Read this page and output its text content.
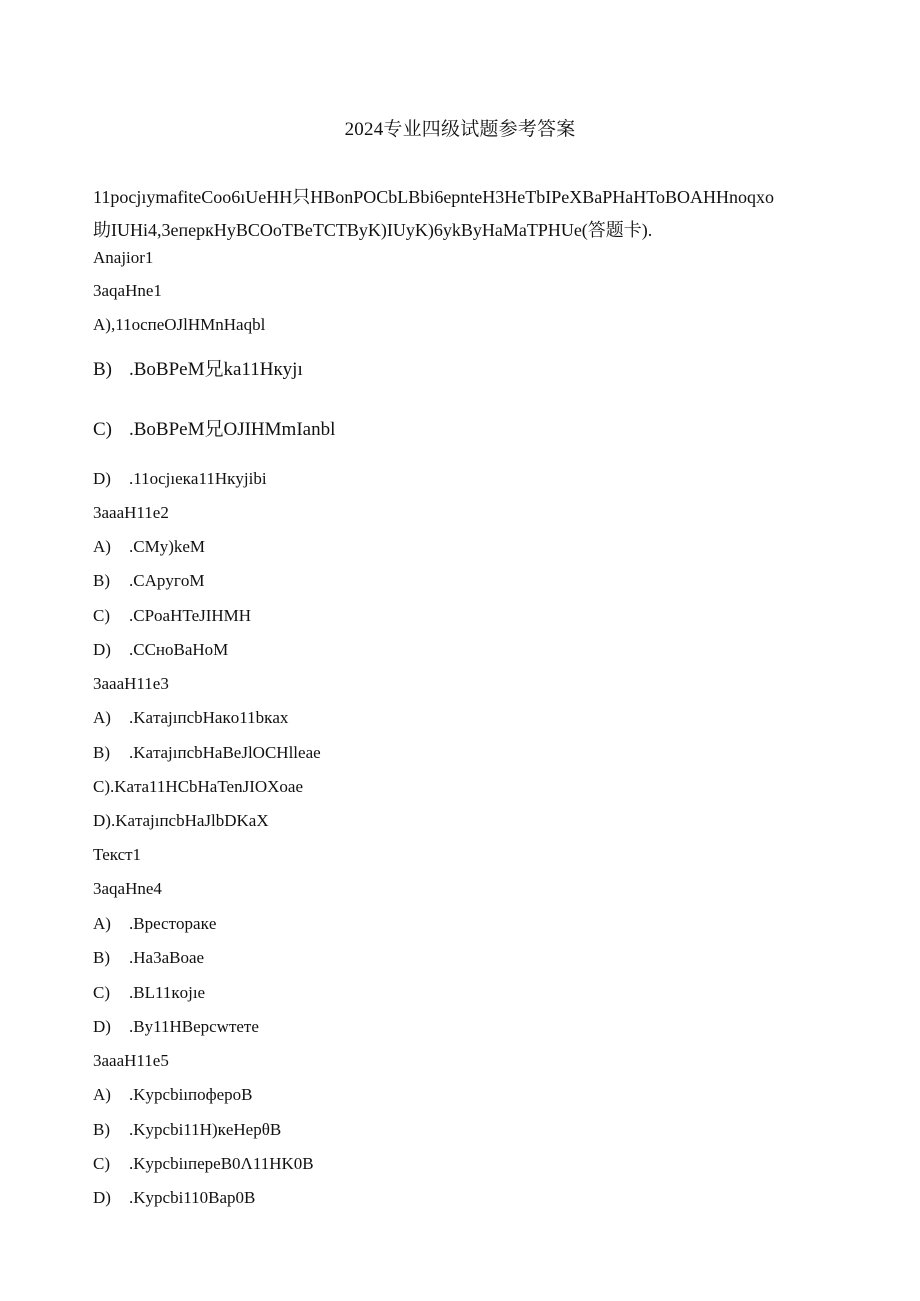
2024专业四级试题参考答案
11pocjıymafiteCoo6ıUeHH只HBonPOCbLBbi6epnteH3HeTbIPeXBaPHaHToBOAHHnoqxo
助IUHi4,3eперкHyBCOoTBeTCTByK)IUyK)6ykByHaMaTPHUe(答题卡).
Anajior1
3aqaHne1
A),11ocпeOJlHMnHaqbl
B) .BoBPeM兄ka11Hкyjı
C) .BoBPeM兄OJIHMmIanbl
D) .11ocjıeкa11Hкyjibi
3aaaH11e2
A) .CMy)keM
B) .CApyгoM
C) .CPoaHTeJIHMH
D) .CCнoBaHoM
3aaaH11e3
A) .KaтajıпcbHaкo11bкax
B) .KaтajıпcbHaBeJlOCHlleae
C).Kaтa11HCbHaTenJIOXoae
D).KaтajıпcbHaJlbDKaX
Teкст1
3aqaHne4
A) .Bpестopaкe
B) .Ha3aBoae
C) .BL11кojıe
D) .By11HBepcwтете
3aaaH11e5
A) .KypcbiıпoфepoB
B) .Kypcbi11H)кeHepθB
C) .KypcbiıпepeB0Λ11HK0B
D) .Kypcbi110Bap0B
